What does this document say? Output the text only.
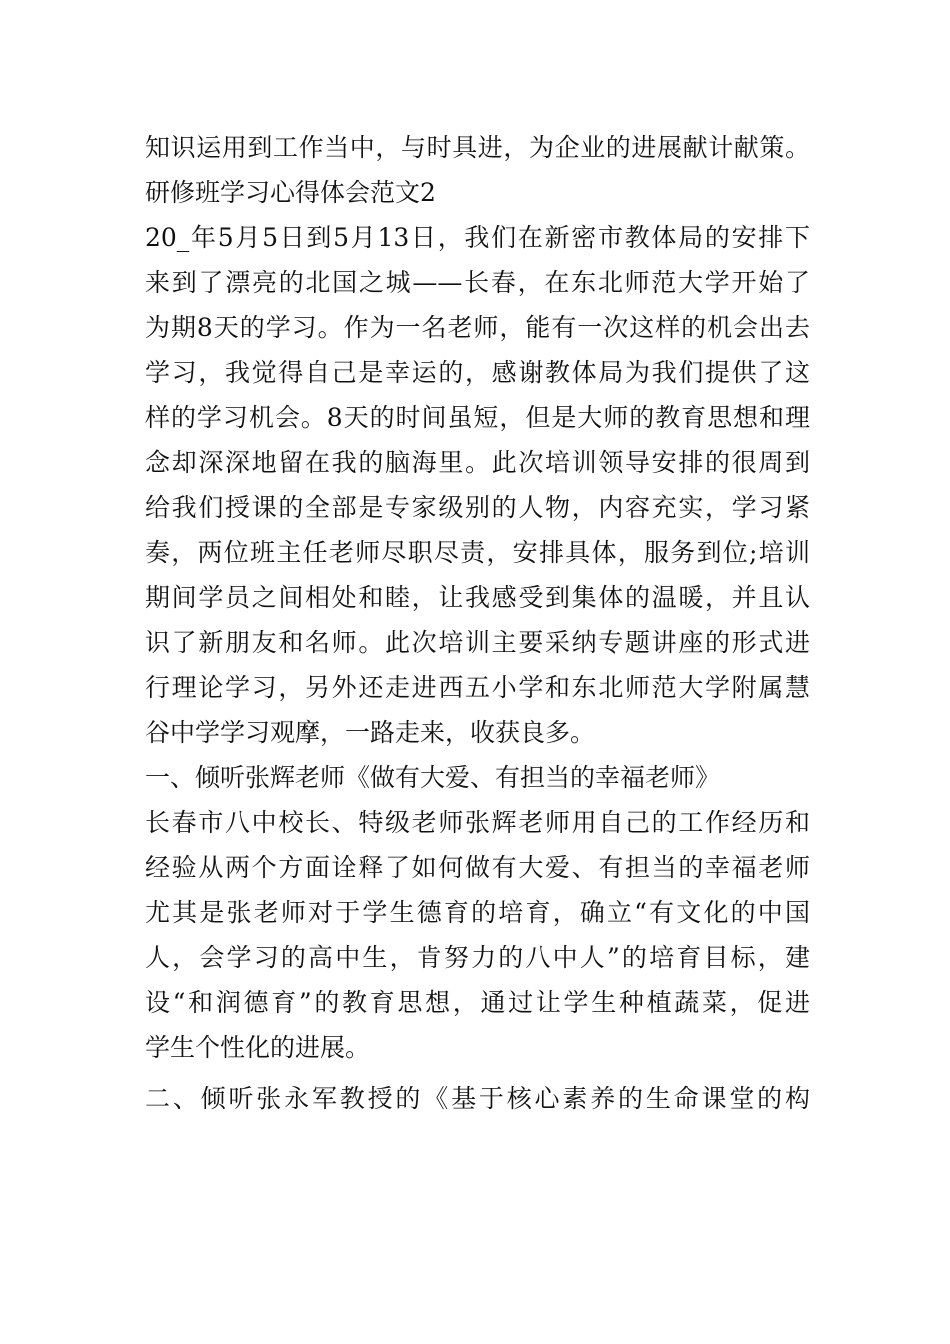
知识运用到工作当中，与时具进，为企业的进展献计献策。
研修班学习心得体会范文2
20_年5月5日到5月13日，我们在新密市教体局的安排下
来到了漂亮的北国之城——长春，在东北师范大学开始了
为期8天的学习。作为一名老师，能有一次这样的机会出去
学习，我觉得自己是幸运的，感谢教体局为我们提供了这
样的学习机会。8天的时间虽短，但是大师的教育思想和理
念却深深地留在我的脑海里。此次培训领导安排的很周到
给我们授课的全部是专家级别的人物，内容充实，学习紧
奏，两位班主任老师尽职尽责，安排具体，服务到位;培训
期间学员之间相处和睦，让我感受到集体的温暖，并且认
识了新朋友和名师。此次培训主要采纳专题讲座的形式进
行理论学习，另外还走进西五小学和东北师范大学附属慧
谷中学学习观摩，一路走来，收获良多。
一、倾听张辉老师《做有大爱、有担当的幸福老师》
长春市八中校长、特级老师张辉老师用自己的工作经历和
经验从两个方面诠释了如何做有大爱、有担当的幸福老师
尤其是张老师对于学生德育的培育，确立“有文化的中国
人，会学习的高中生，肯努力的八中人”的培育目标，建
设“和润德育”的教育思想，通过让学生种植蔬菜，促进
学生个性化的进展。
二、倾听张永军教授的《基于核心素养的生命课堂的构
